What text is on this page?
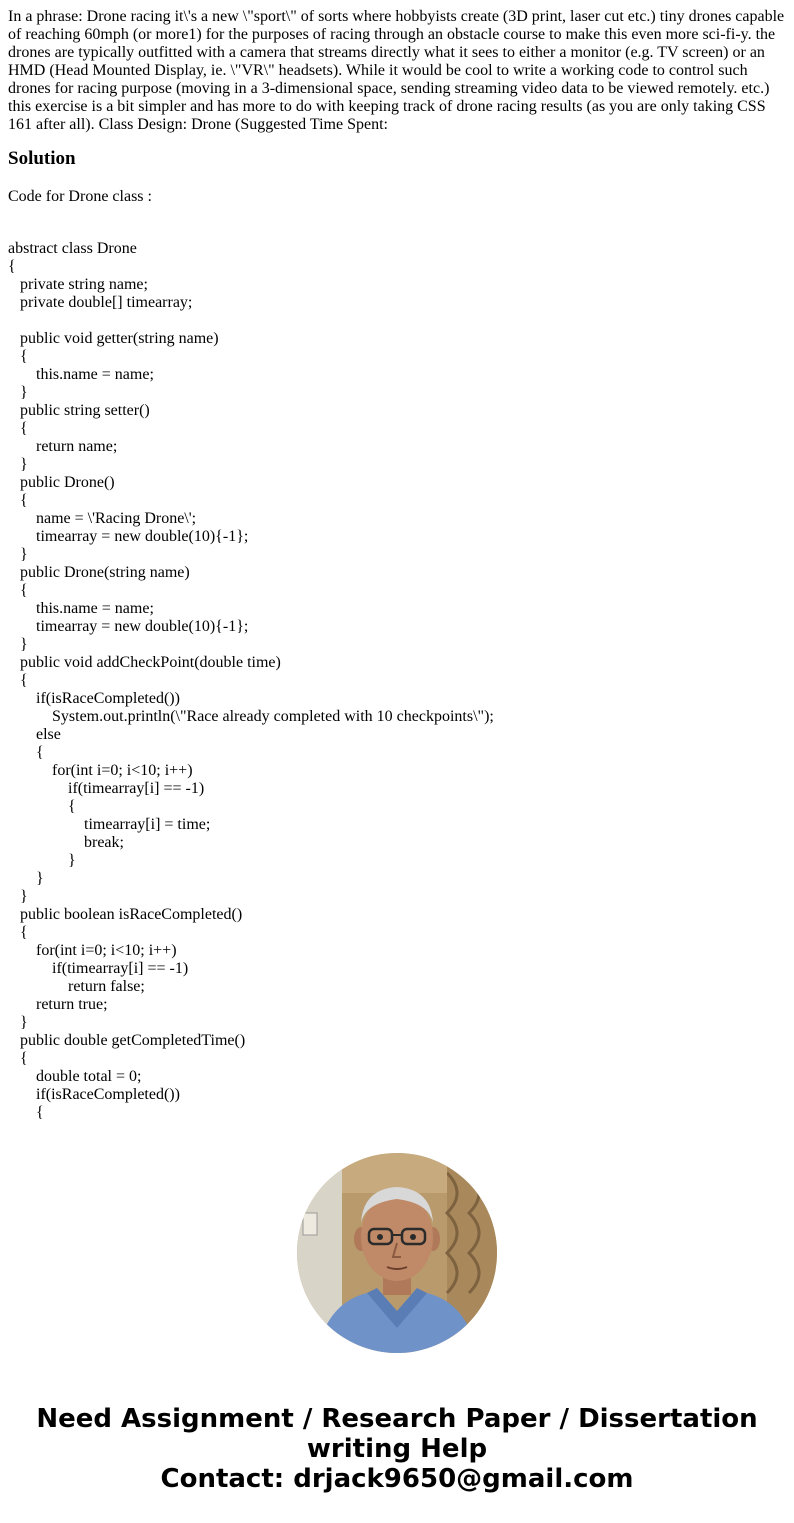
In a phrase: Drone racing it\'s a new \"sport\" of sorts where hobbyists create (3D print, laser cut etc.) tiny drones capable of reaching 60mph (or more1) for the purposes of racing through an obstacle course to make this even more sci-fi-y. the drones are typically outfitted with a camera that streams directly what it sees to either a monitor (e.g. TV screen) or an HMD (Head Mounted Display, ie. \"VR\" headsets). While it would be cool to write a working code to control such drones for racing purpose (moving in a 3-dimensional space, sending streaming video data to be viewed remotely. etc.) this exercise is a bit simpler and has more to do with keeping track of drone racing results (as you are only taking CSS 161 after all). Class Design: Drone (Suggested Time Spent:

Solution

Code for Drone class :

abstract class Drone
{
private string name;
private double[] timearray;
public void getter(string name)
{
this.name = name;
}
public string setter()
{
return name;
}
public Drone()
{
name = \'Racing Drone\';
timearray = new double(10){-1};
}
public Drone(string name)
{
this.name = name;
timearray = new double(10){-1};
}
public void addCheckPoint(double time)
{
if(isRaceCompleted())
System.out.println(\"Race already completed with 10 checkpoints\");
else
{
for(int i=0; i<10; i++)
if(timearray[i] == -1)
{
timearray[i] = time;
break;
}
}
}
public boolean isRaceCompleted()
{
for(int i=0; i<10; i++)
if(timearray[i] == -1)
return false;
return true;
}
public double getCompletedTime()
{
double total = 0;
if(isRaceCompleted())
{
Need Assignment / Research Paper / Dissertation
writing Help
Contact: drjack9650@gmail.com
